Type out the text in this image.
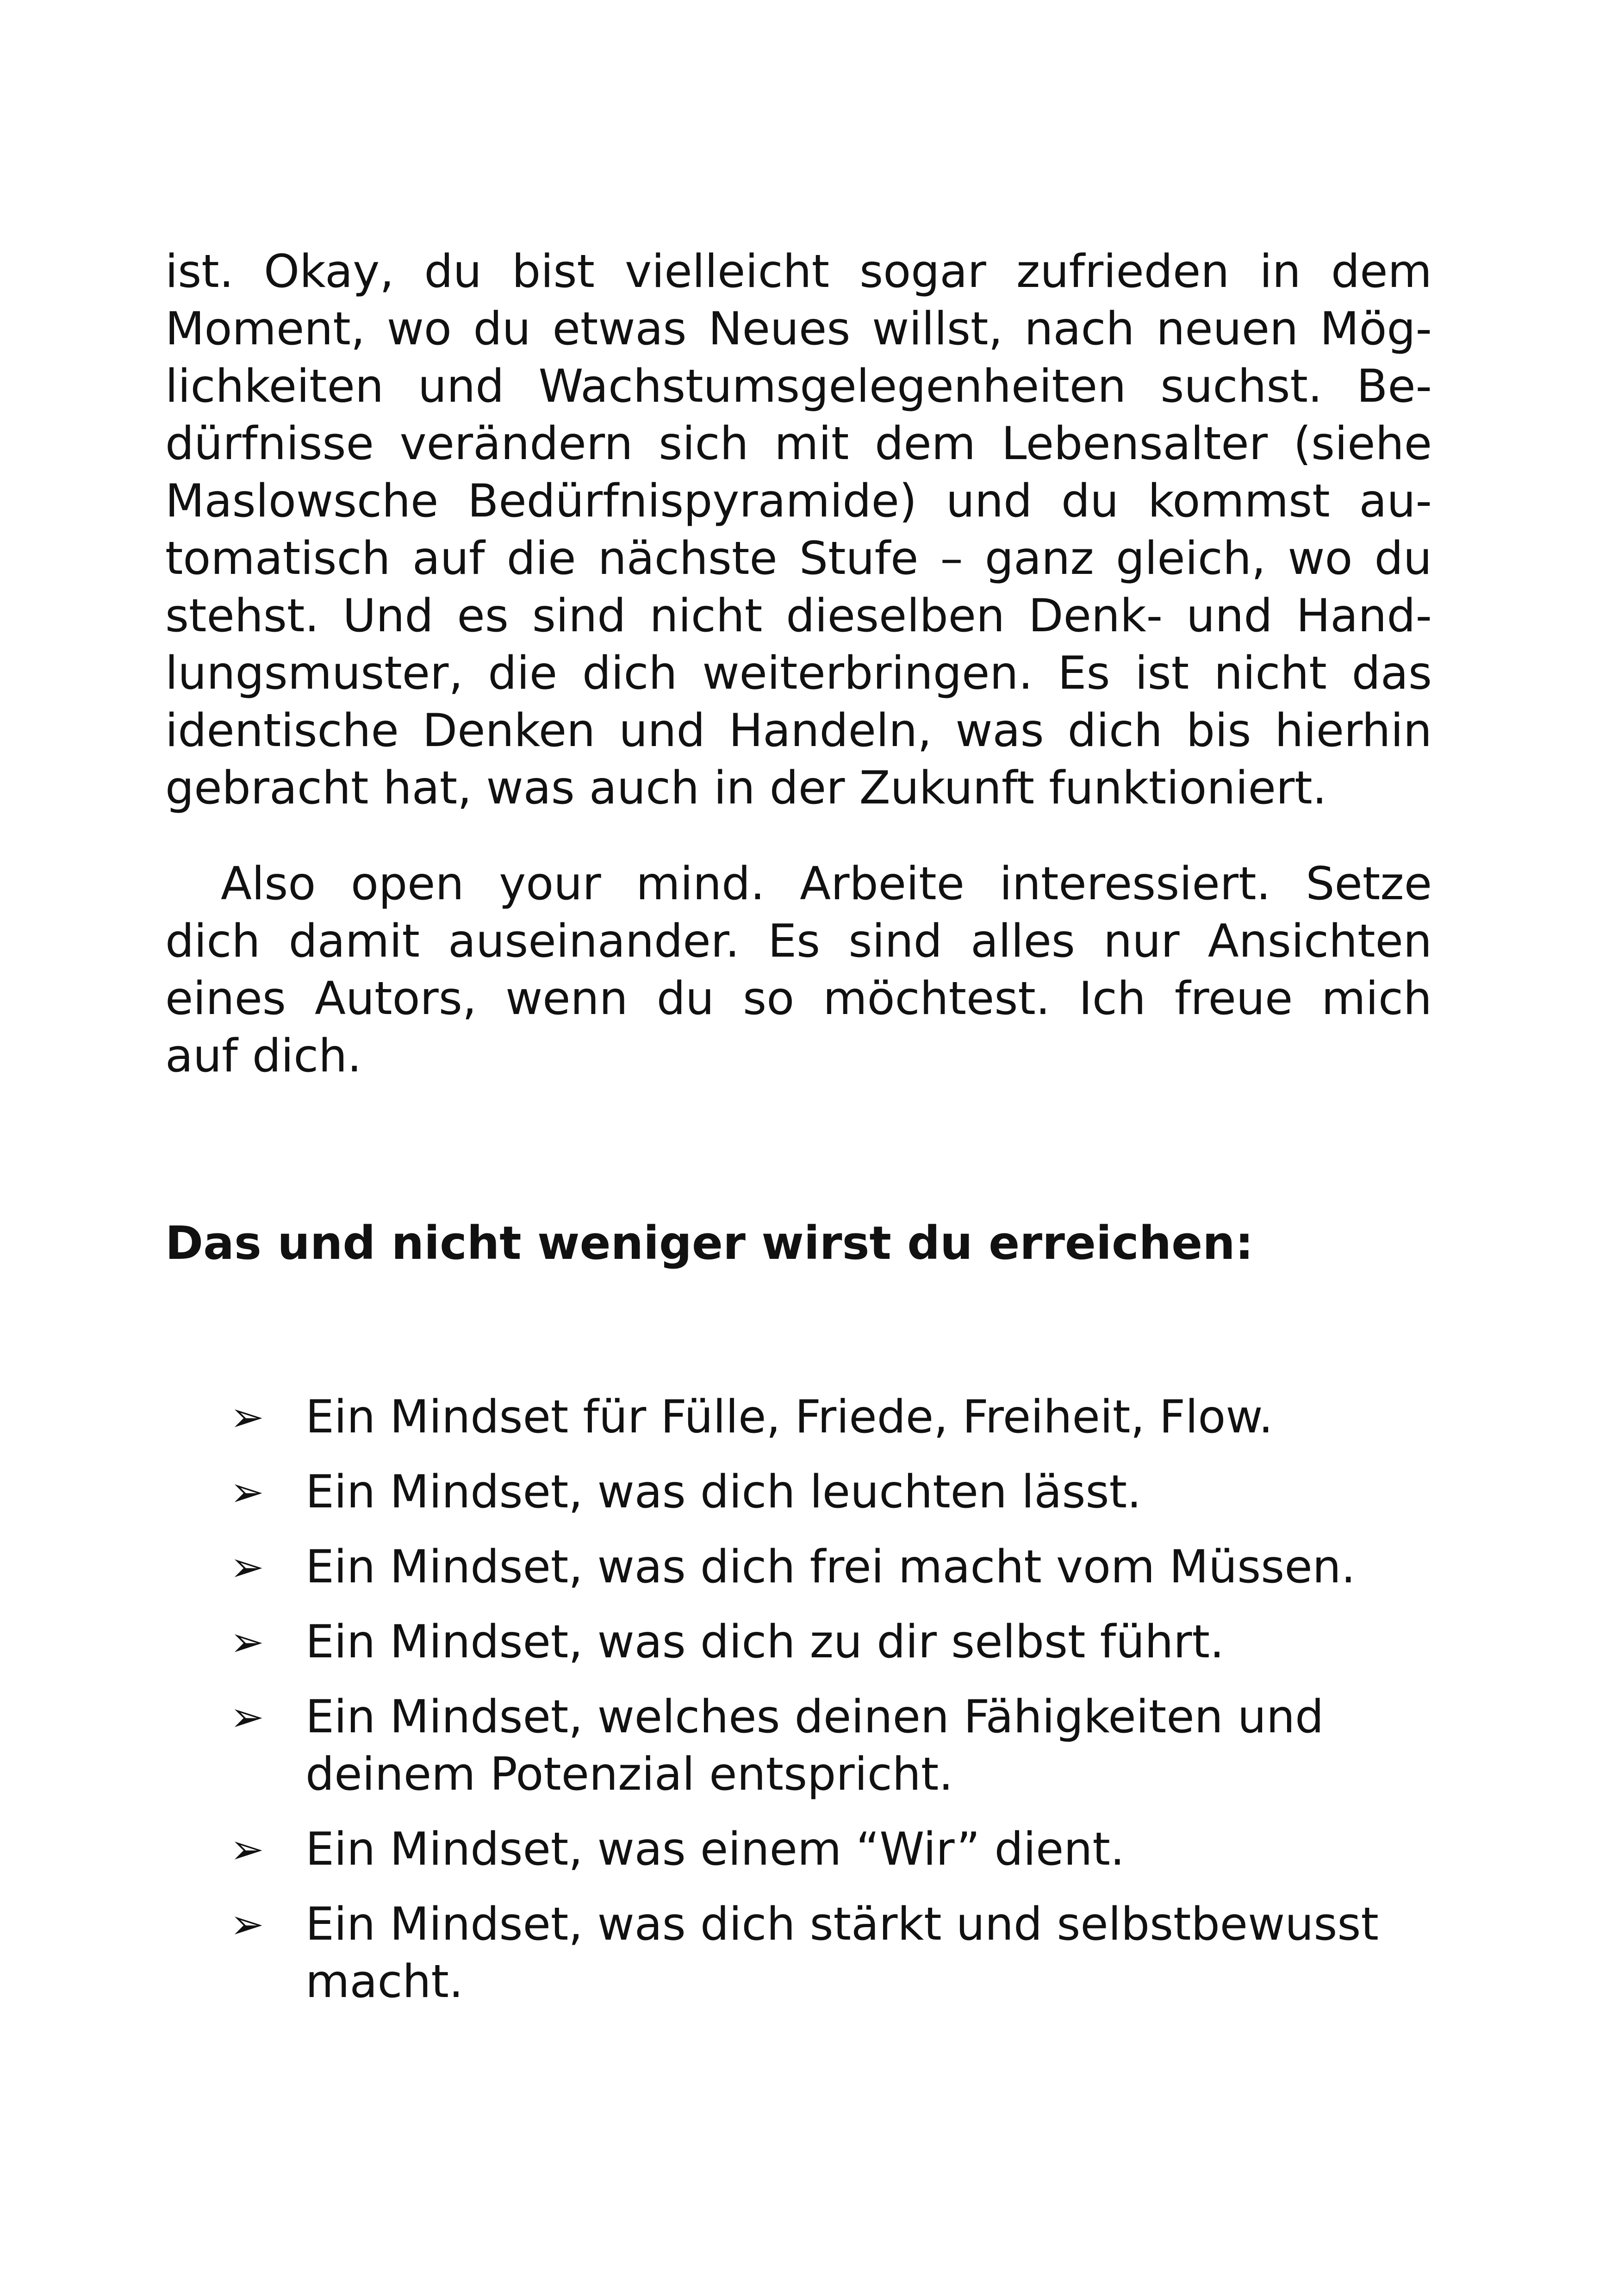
ist. Okay, du bist vielleicht sogar zufrieden in dem
Moment, wo du etwas Neues willst, nach neuen Mög-
lichkeiten und Wachstumsgelegenheiten suchst. Be-
dürfnisse verändern sich mit dem Lebensalter (siehe
Maslowsche Bedürfnispyramide) und du kommst au-
tomatisch auf die nächste Stufe – ganz gleich, wo du
stehst. Und es sind nicht dieselben Denk- und Hand-
lungsmuster, die dich weiterbringen. Es ist nicht das
identische Denken und Handeln, was dich bis hierhin
gebracht hat, was auch in der Zukunft funktioniert.

Also open your mind. Arbeite interessiert. Setze
dich damit auseinander. Es sind alles nur Ansichten
eines Autors, wenn du so möchtest. Ich freue mich
auf dich.

Das und nicht weniger wirst du erreichen:
➢ Ein Mindset für Fülle, Friede, Freiheit, Flow.
➢ Ein Mindset, was dich leuchten lässt.
➢ Ein Mindset, was dich frei macht vom Müssen.
➢ Ein Mindset, was dich zu dir selbst führt.
➢ Ein Mindset, welches deinen Fähigkeiten und
deinem Potenzial entspricht.
➢ Ein Mindset, was einem “Wir” dient.
➢ Ein Mindset, was dich stärkt und selbstbewusst
macht.
